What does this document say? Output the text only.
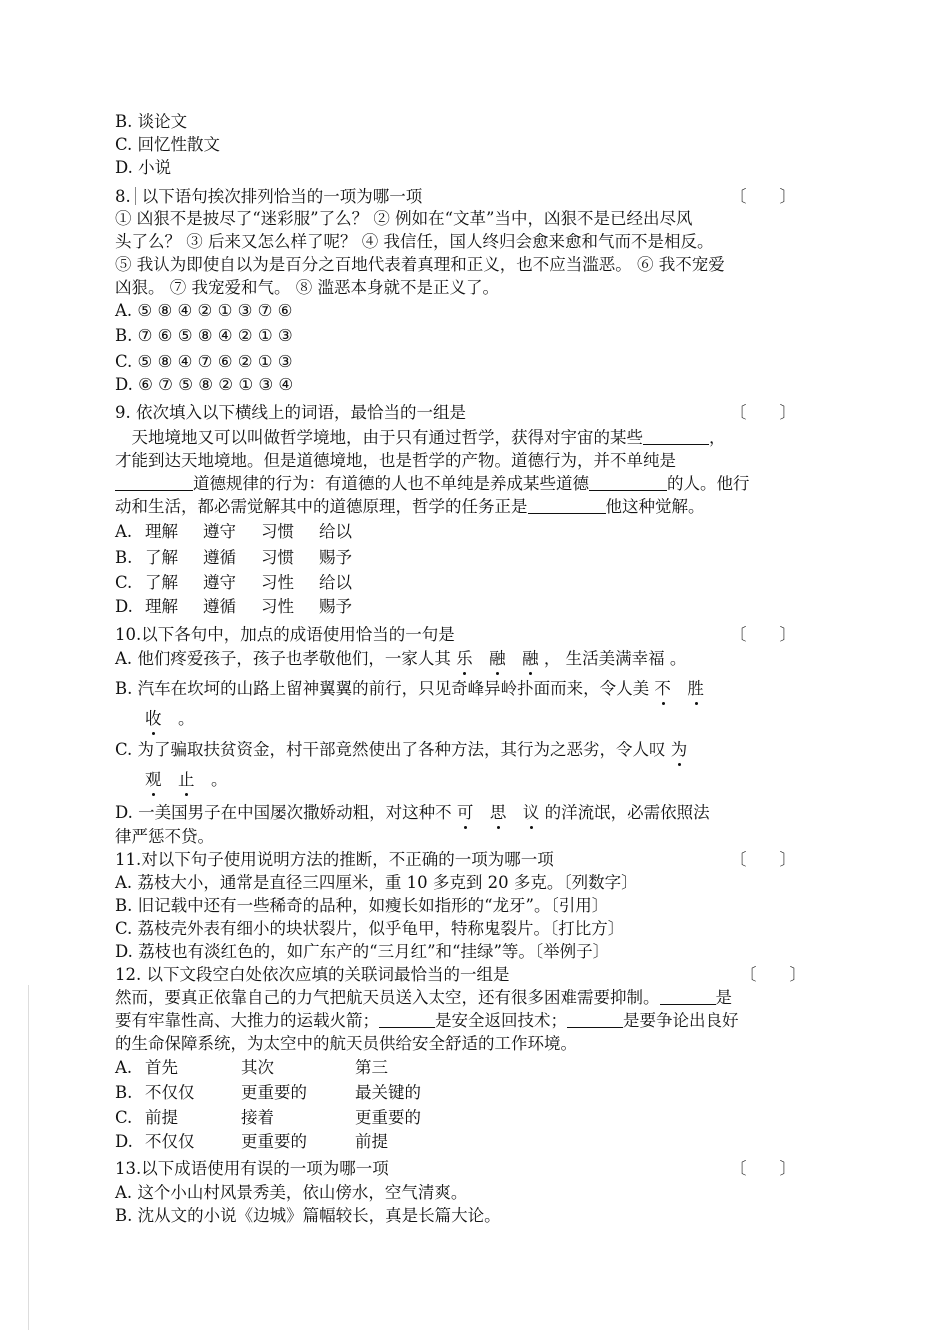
B. 谈论文
C. 回忆性散文
D. 小说
8. 以下语句挨次排列恰当的一项为哪一项	〔　　〕
① 凶狠不是披尽了“迷彩服”了么？ ② 例如在“文革”当中，凶狠不是已经出尽风
头了么？ ③ 后来又怎么样了呢？ ④ 我信任，国人终归会愈来愈和气而不是相反。
⑤ 我认为即使自以为是百分之百地代表着真理和正义，也不应当滥恶。 ⑥ 我不宠爱
凶狠。 ⑦ 我宠爱和气。 ⑧ 滥恶本身就不是正义了。
A. ⑤ ⑧ ④ ② ① ③ ⑦ ⑥
B. ⑦ ⑥ ⑤ ⑧ ④ ② ① ③
C. ⑤ ⑧ ④ ⑦ ⑥ ② ① ③
D. ⑥ ⑦ ⑤ ⑧ ② ① ③ ④
9. 依次填入以下横线上的词语，最恰当的一组是	〔　　〕
　天地境地又可以叫做哲学境地，由于只有通过哲学，获得对宇宙的某些	，
才能到达天地境地。但是道德境地，也是哲学的产物。道德行为，并不单纯是
道德规律的行为：有道德的人也不单纯是养成某些道德	的人。他行
动和生活，都必需觉解其中的道德原理，哲学的任务正是	他这种觉解。
A. 理解 遵守 习惯 给以
B. 了解 遵循 习惯 赐予
C. 了解 遵守 习性 给以
D. 理解 遵循 习性 赐予
10.以下各句中，加点的成语使用恰当的一句是	〔　　〕
A. 他们疼爱孩子，孩子也孝敬他们，一家人其 乐　 融　 融 ， 生活美满幸福 。
B. 汽车在坎坷的山路上留神翼翼的前行，只见奇峰异岭扑面而来，令人美 不　 胜
收　 。
C. 为了骗取扶贫资金，村干部竟然使出了各种方法，其行为之恶劣，令人叹 为
观　 止　 。
D. 一美国男子在中国屡次撒娇动粗，对这种不 可　 思　 议 的洋流氓，必需依照法
律严惩不贷。
11.对以下句子使用说明方法的推断，不正确的一项为哪一项	〔　　〕
A. 荔枝大小，通常是直径三四厘米，重 10 多克到 20 多克。〔列数字〕
B. 旧记载中还有一些稀奇的品种，如瘦长如指形的“龙牙”。〔引用〕
C. 荔枝壳外表有细小的块状裂片，似乎龟甲，特称鬼裂片。〔打比方〕
D. 荔枝也有淡红色的，如广东产的“三月红”和“挂绿”等。〔举例子〕
12. 以下文段空白处依次应填的关联词最恰当的一组是	〔　　〕
然而，要真正依靠自己的力气把航天员送入太空，还有很多困难需要抑制。	是
要有牢靠性高、大推力的运载火箭；	是安全返回技术；	是要争论出良好
的生命保障系统，为太空中的航天员供给安全舒适的工作环境。
A. 首先	其次	第三
B. 不仅仅	更重要的	最关键的
C. 前提	接着	更重要的
D. 不仅仅	更重要的	前提
13.以下成语使用有误的一项为哪一项	〔　　〕
A. 这个小山村风景秀美，依山傍水，空气清爽。
B. 沈从文的小说《边城》篇幅较长，真是长篇大论。
